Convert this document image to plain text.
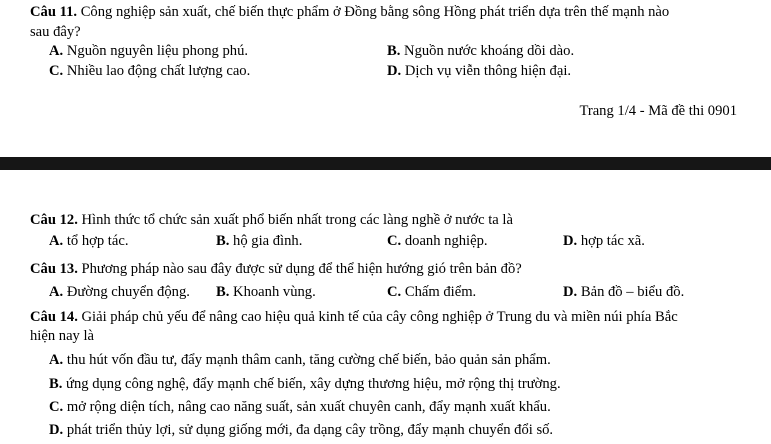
Câu 11. Công nghiệp sản xuất, chế biến thực phẩm ở Đồng bằng sông Hồng phát triển dựa trên thế mạnh nào
sau đây?
A. Nguồn nguyên liệu phong phú.	B. Nguồn nước khoáng dồi dào.
C. Nhiều lao động chất lượng cao.	D. Dịch vụ viễn thông hiện đại.
Trang 1/4 - Mã đề thi 0901
Câu 12. Hình thức tổ chức sản xuất phổ biến nhất trong các làng nghề ở nước ta là
A. tổ hợp tác.	B. hộ gia đình.	C. doanh nghiệp.	D. hợp tác xã.
Câu 13. Phương pháp nào sau đây được sử dụng để thể hiện hướng gió trên bản đồ?
A. Đường chuyển động. B. Khoanh vùng.	C. Chấm điểm.	D. Bản đồ – biểu đồ.
Câu 14. Giải pháp chủ yếu để nâng cao hiệu quả kinh tế của cây công nghiệp ở Trung du và miền núi phía Bắc
hiện nay là
A. thu hút vốn đầu tư, đẩy mạnh thâm canh, tăng cường chế biến, bảo quản sản phẩm.
B. ứng dụng công nghệ, đẩy mạnh chế biến, xây dựng thương hiệu, mở rộng thị trường.
C. mở rộng diện tích, nâng cao năng suất, sản xuất chuyên canh, đẩy mạnh xuất khẩu.
D. phát triển thủy lợi, sử dụng giống mới, đa dạng cây trồng, đẩy mạnh chuyển đổi số.
